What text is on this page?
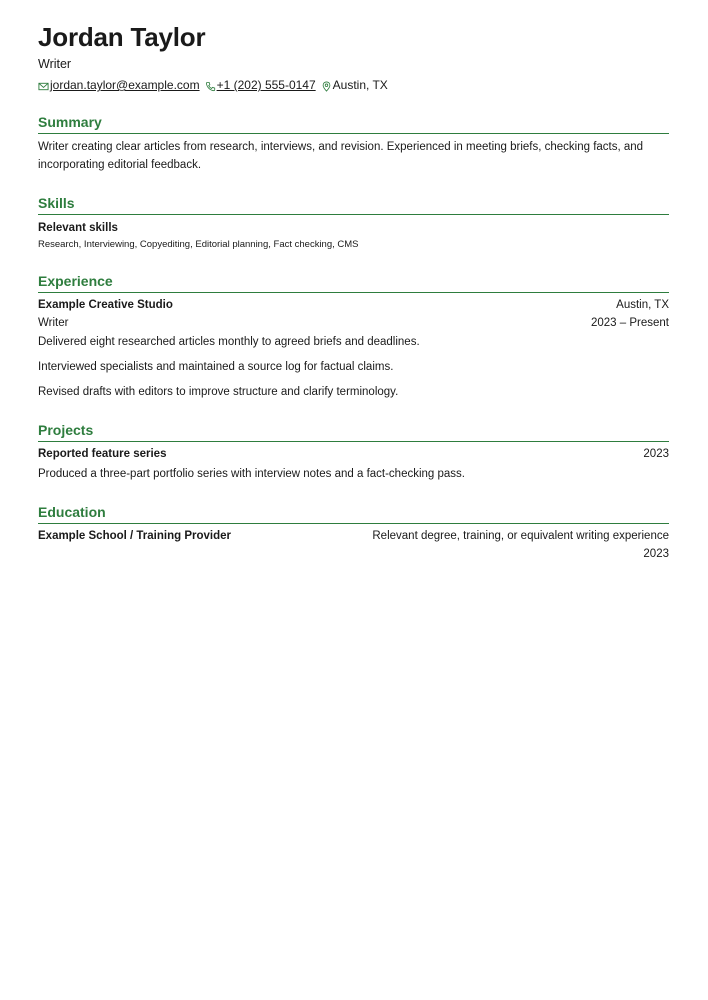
Jordan Taylor
Writer
jordan.taylor@example.com +1 (202) 555-0147 Austin, TX
Summary
Writer creating clear articles from research, interviews, and revision. Experienced in meeting briefs, checking facts, and incorporating editorial feedback.
Skills
Relevant skills
Research, Interviewing, Copyediting, Editorial planning, Fact checking, CMS
Experience
Example Creative Studio	Austin, TX
Writer	2023 – Present
Delivered eight researched articles monthly to agreed briefs and deadlines.
Interviewed specialists and maintained a source log for factual claims.
Revised drafts with editors to improve structure and clarify terminology.
Projects
Reported feature series	2023
Produced a three-part portfolio series with interview notes and a fact-checking pass.
Education
Example School / Training Provider	Relevant degree, training, or equivalent writing experience
2023
